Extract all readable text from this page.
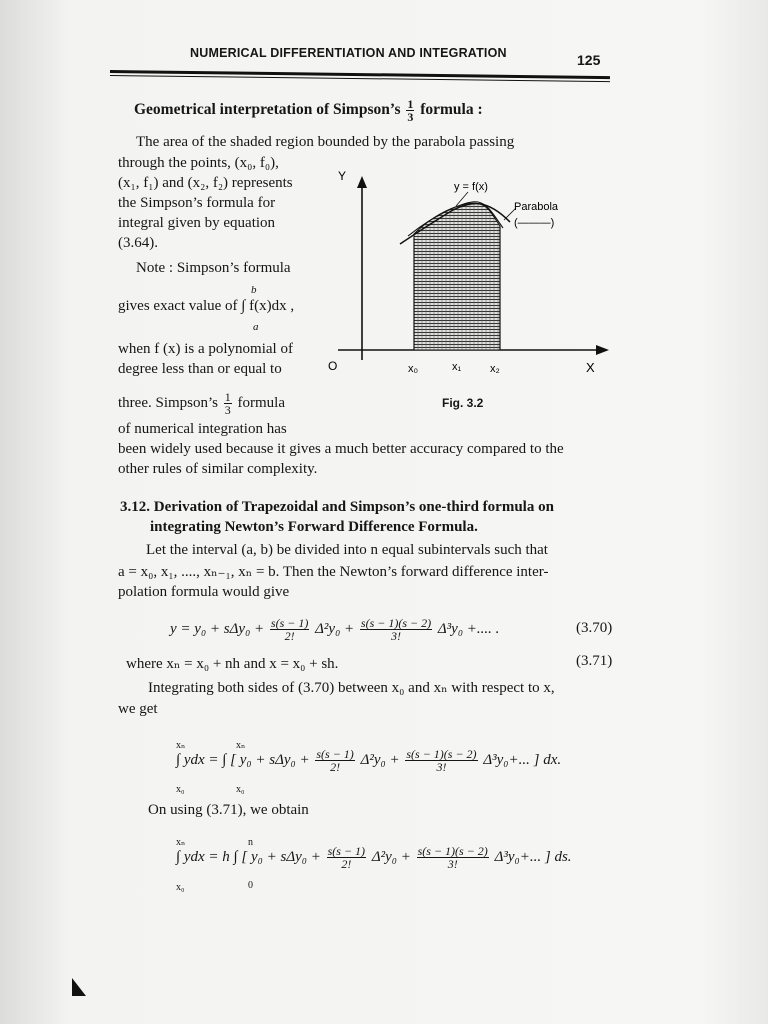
NUMERICAL DIFFERENTIATION AND INTEGRATION	125
Geometrical interpretation of Simpson’s $\frac{1}{3}$ formula :
The area of the shaded region bounded by the parabola passing
through the points, (x₀, f₀),
(x₁, f₁) and (x₂, f₂) represents
the Simpson’s formula for
integral given by equation
(3.64).
Note : Simpson’s formula
b
gives exact value of ∫ f(x)dx ,
a
when f (x) is a polynomial of
degree less than or equal to
three. Simpson’s $\frac{1}{3}$ formula
of numerical integration has
been widely used because it gives a much better accuracy compared to the
other rules of similar complexity.
Y
X
O	x₀	x₁	x₂
y = f(x)
Parabola
(———)
Fig. 3.2
3.12. Derivation of Trapezoidal and Simpson’s one-third formula on
integrating Newton’s Forward Difference Formula.
Let the interval (a, b) be divided into n equal subintervals such that
a = x₀, x₁, ...., xₙ₋₁, xₙ = b. Then the Newton’s forward difference inter-
polation formula would give
$y = y_0 + s\Delta y_0 + \frac{s(s - 1)}{2!} \Delta^2y_0 + \frac{s(s - 1)(s - 2)}{3!} \Delta^3y_0$ +.... .	(3.70)
where xₙ = x₀ + nh and x = x₀ + sh.	(3.71)
Integrating both sides of (3.70) between x₀ and xₙ with respect to x,
we get
xₙ
x₀
xₙ
x₀
∫ ydx = ∫ [ $y_0 + s\Delta y_0 + \frac{s(s - 1)}{2!} \Delta^2y_0 + \frac{s(s - 1)(s - 2)}{3!} \Delta^3y_0+$... ] dx.
On using (3.71), we obtain
xₙ
x₀
n
0
∫ ydx = h ∫ [ $y_0 + s\Delta y_0 + \frac{s(s - 1)}{2!} \Delta^2y_0 + \frac{s(s - 1)(s - 2)}{3!} \Delta^3y_0+$... ] ds.
